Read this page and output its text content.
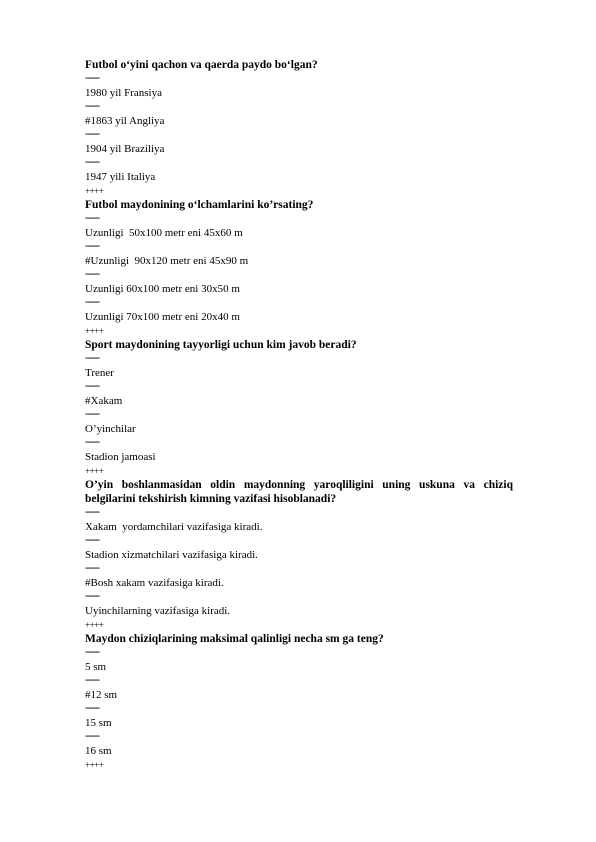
Futbol o‘yini qachon va qaerda paydo bo‘lgan?
====
1980 yil Fransiya
====
#1863 yil Angliya
====
1904 yil Braziliya
====
1947 yili Italiya
++++
Futbol maydonining o‘lchamlarini ko’rsating?
====
Uzunligi  50x100 metr eni 45x60 m
====
#Uzunligi  90x120 metr eni 45x90 m
====
Uzunligi 60x100 metr eni 30x50 m
====
Uzunligi 70x100 metr eni 20x40 m
++++
Sport maydonining tayyorligi uchun kim javob beradi?
====
Trener
====
#Xakam
====
O’yinchilar
====
Stadion jamoasi
++++
O’yin boshlanmasidan oldin maydonning yaroqliligini uning uskuna va chiziq belgilarini tekshirish kimning vazifasi hisoblanadi?
====
Xakam  yordamchilari vazifasiga kiradi.
====
Stadion xizmatchilari vazifasiga kiradi.
====
#Bosh xakam vazifasiga kiradi.
====
Uyinchilarning vazifasiga kiradi.
++++
Maydon chiziqlarining maksimal qalinligi necha sm ga teng?
====
5 sm
====
#12 sm
====
15 sm
====
16 sm
++++
